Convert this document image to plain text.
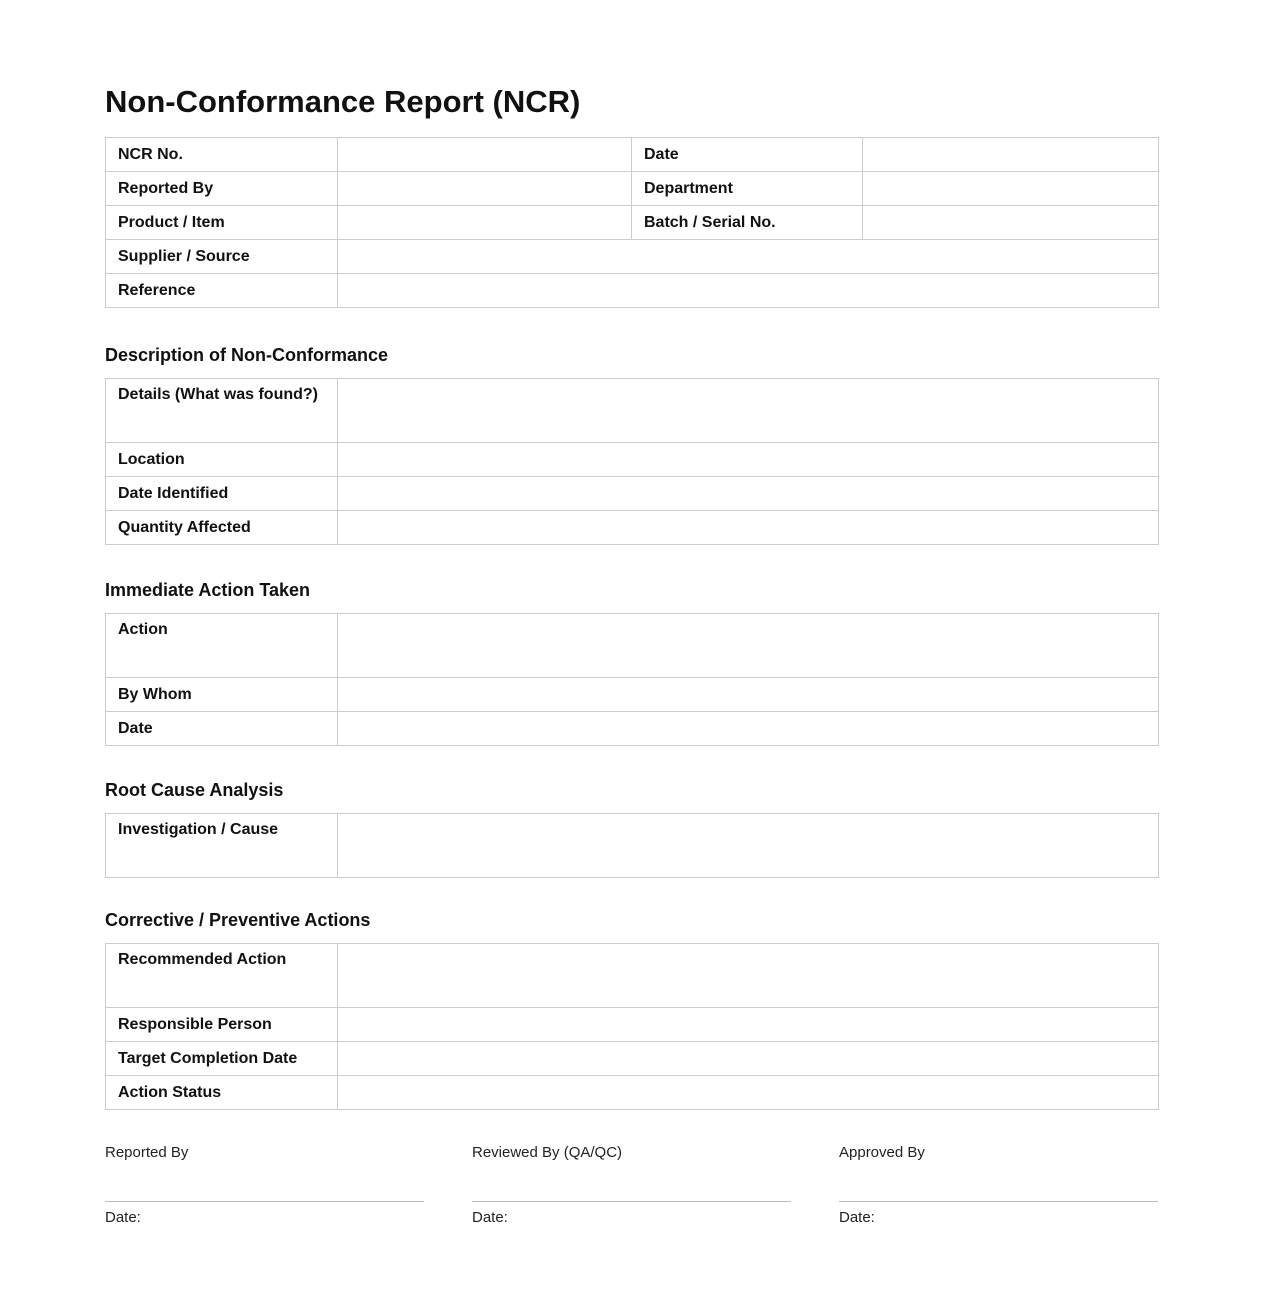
Non-Conformance Report (NCR)
NCR No.		Date	
Reported By		Department	
Product / Item		Batch / Serial No.	
Supplier / Source			
Reference			
Description of Non-Conformance
Details (What was found?)	
Location	
Date Identified	
Quantity Affected	
Immediate Action Taken
Action	
By Whom	
Date	
Root Cause Analysis
Investigation / Cause	
Corrective / Preventive Actions
Recommended Action	
Responsible Person	
Target Completion Date	
Action Status	
Reported By
Date:
Reviewed By (QA/QC)
Date:
Approved By
Date:
